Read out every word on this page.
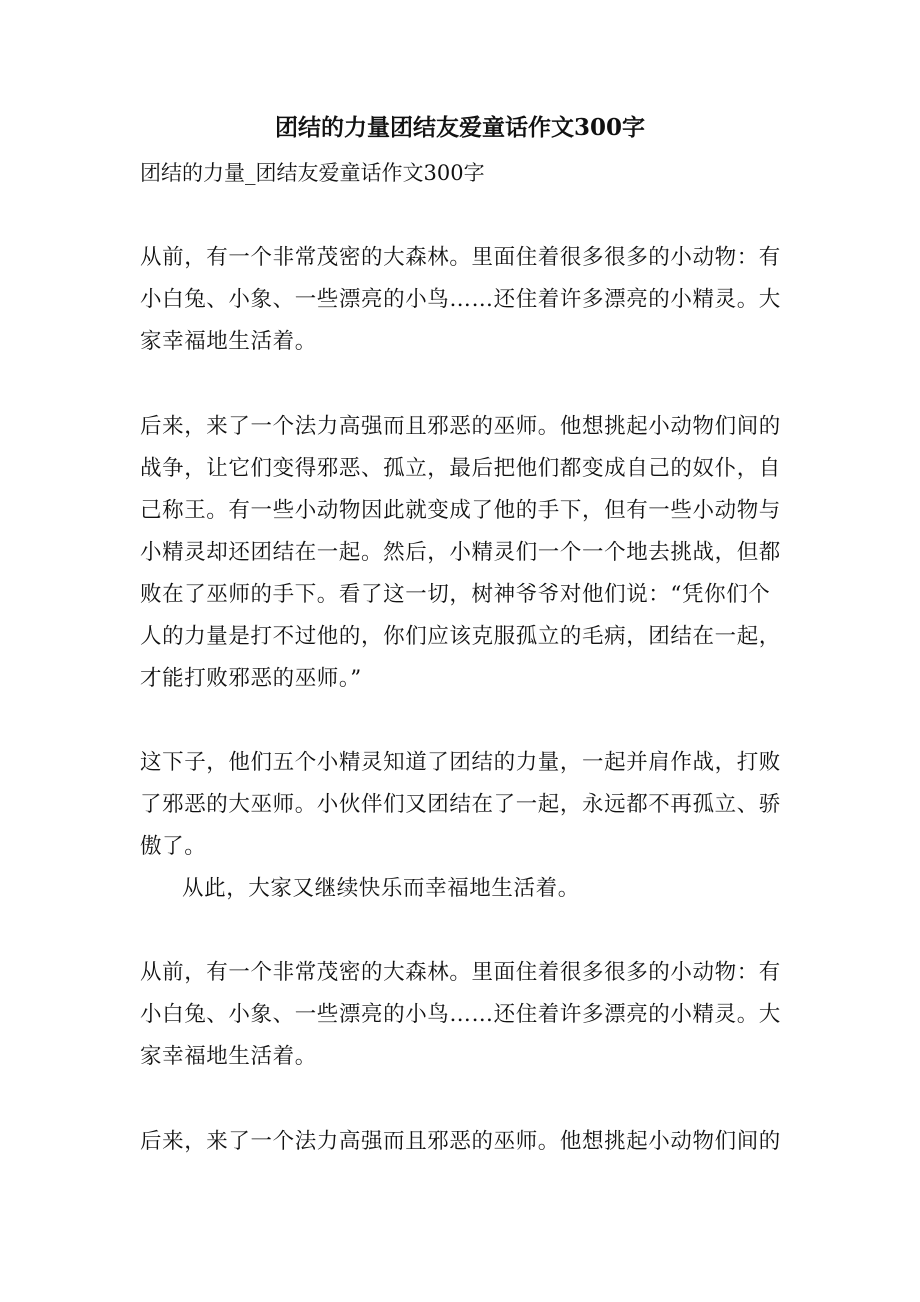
团结的力量团结友爱童话作文300字
团结的力量_团结友爱童话作文300字
从前，有一个非常茂密的大森林。里面住着很多很多的小动物：有
小白兔、小象、一些漂亮的小鸟……还住着许多漂亮的小精灵。大
家幸福地生活着。
后来，来了一个法力高强而且邪恶的巫师。他想挑起小动物们间的
战争，让它们变得邪恶、孤立，最后把他们都变成自己的奴仆，自
己称王。有一些小动物因此就变成了他的手下，但有一些小动物与
小精灵却还团结在一起。然后，小精灵们一个一个地去挑战，但都
败在了巫师的手下。看了这一切，树神爷爷对他们说：“凭你们个
人的力量是打不过他的，你们应该克服孤立的毛病，团结在一起，
才能打败邪恶的巫师。”
这下子，他们五个小精灵知道了团结的力量，一起并肩作战，打败
了邪恶的大巫师。小伙伴们又团结在了一起，永远都不再孤立、骄
傲了。
从此，大家又继续快乐而幸福地生活着。
从前，有一个非常茂密的大森林。里面住着很多很多的小动物：有
小白兔、小象、一些漂亮的小鸟……还住着许多漂亮的小精灵。大
家幸福地生活着。
后来，来了一个法力高强而且邪恶的巫师。他想挑起小动物们间的
